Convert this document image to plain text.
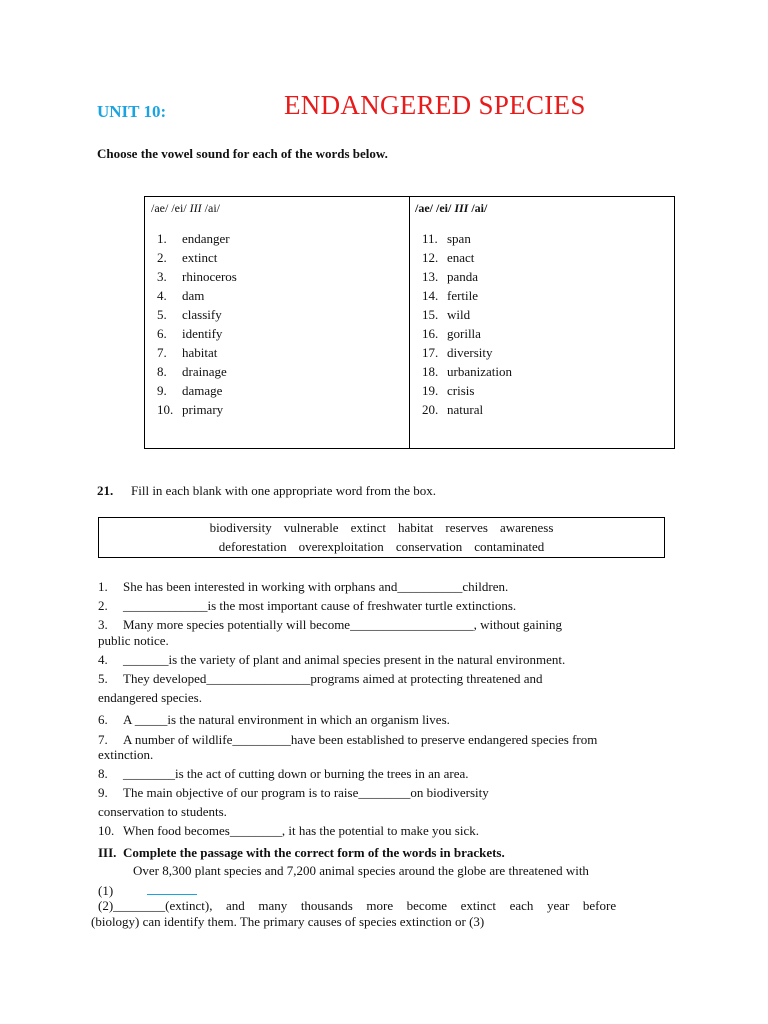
UNIT 10:	ENDANGERED SPECIES
Choose the vowel sound for each of the words below.
/ae/ /ei/ III /ai/
1. endanger
2. extinct
3. rhinoceros
4. dam
5. classify
6. identify
7. habitat
8. drainage
9. damage
10. primary
/ae/ /ei/ III /ai/
11. span
12. enact
13. panda
14. fertile
15. wild
16. gorilla
17. diversity
18. urbanization
19. crisis
20. natural
21. Fill in each blank with one appropriate word from the box.
biodiversity vulnerable extinct habitat reserves awareness
deforestation overexploitation conservation contaminated
1. She has been interested in working with orphans and__________children.
2. _____________is the most important cause of freshwater turtle extinctions.
3. Many more species potentially will become___________________, without gaining
public notice.
4. _______is the variety of plant and animal species present in the natural environment.
5. They developed________________programs aimed at protecting threatened and
endangered species.
6. A _____is the natural environment in which an organism lives.
7. A number of wildlife_________have been established to preserve endangered species from
extinction.
8. ________is the act of cutting down or burning the trees in an area.
9. The main objective of our program is to raise________on biodiversity
conservation to students.
10. When food becomes________, it has the potential to make you sick.
III. Complete the passage with the correct form of the words in brackets.
Over 8,300 plant species and 7,200 animal species around the globe are threatened with
(1)
(2)________(extinct), and many thousands more become extinct each year before
(biology) can identify them. The primary causes of species extinction or (3)
